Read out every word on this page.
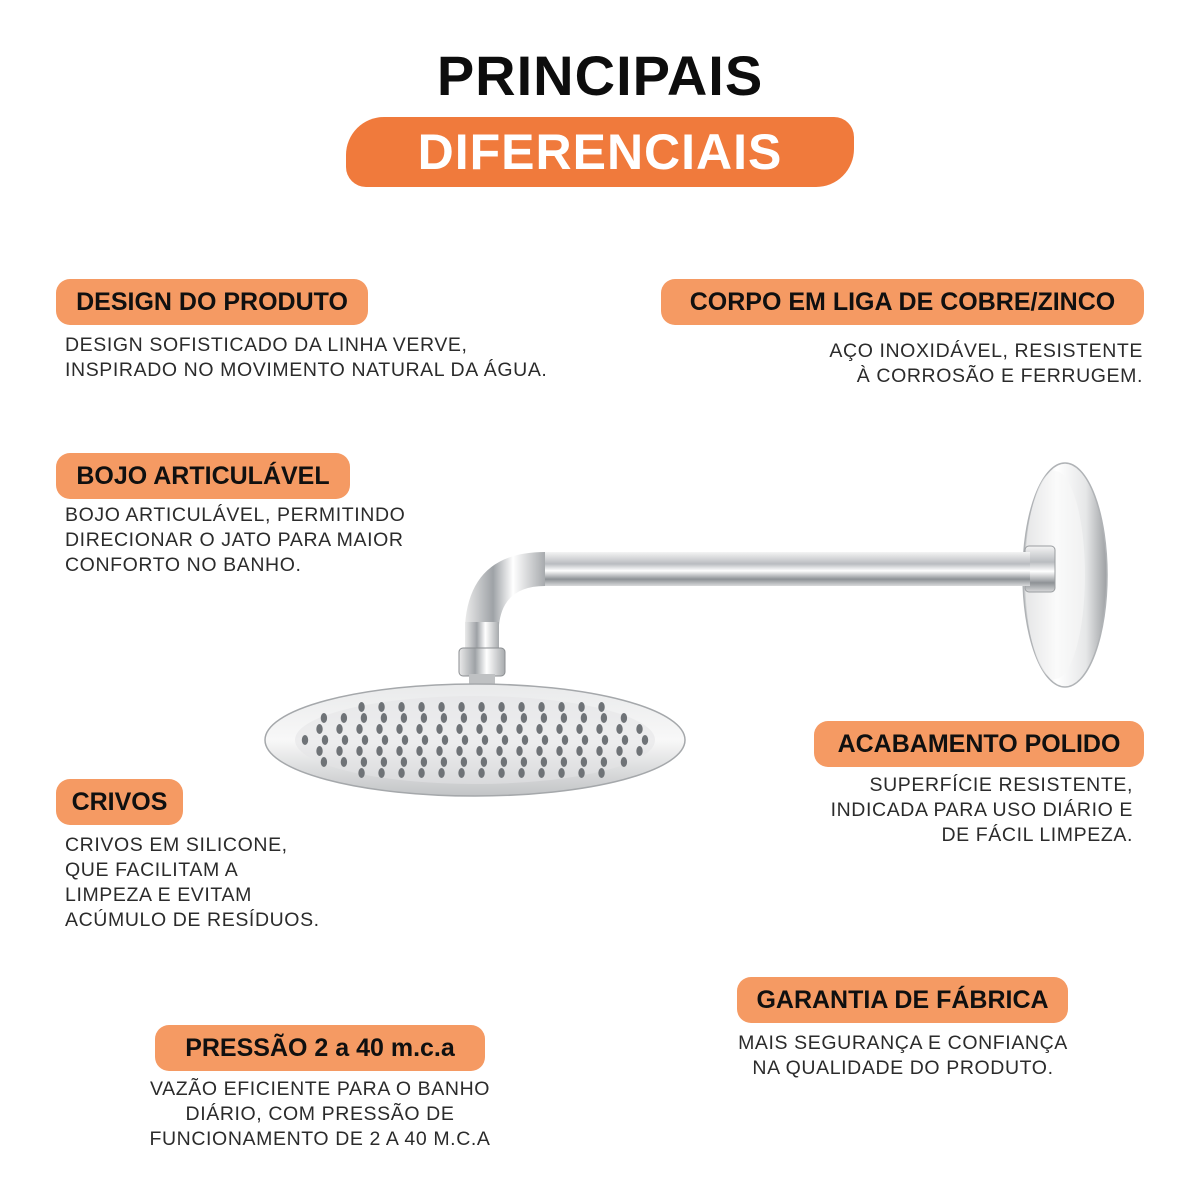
PRINCIPAIS
DIFERENCIAIS
DESIGN DO PRODUTO
DESIGN SOFISTICADO DA LINHA VERVE,
INSPIRADO NO MOVIMENTO NATURAL DA ÁGUA.
CORPO EM LIGA DE COBRE/ZINCO
AÇO INOXIDÁVEL, RESISTENTE
À CORROSÃO E FERRUGEM.
BOJO ARTICULÁVEL
BOJO ARTICULÁVEL, PERMITINDO
DIRECIONAR O JATO PARA MAIOR
CONFORTO NO BANHO.
ACABAMENTO POLIDO
SUPERFÍCIE RESISTENTE,
INDICADA PARA USO DIÁRIO E
DE FÁCIL LIMPEZA.
CRIVOS
CRIVOS EM SILICONE,
QUE FACILITAM A
LIMPEZA E EVITAM
ACÚMULO DE RESÍDUOS.
GARANTIA DE FÁBRICA
MAIS SEGURANÇA E CONFIANÇA
NA QUALIDADE DO PRODUTO.
PRESSÃO 2 a 40 m.c.a
VAZÃO EFICIENTE PARA O BANHO
DIÁRIO, COM PRESSÃO DE
FUNCIONAMENTO DE 2 A 40 M.C.A
